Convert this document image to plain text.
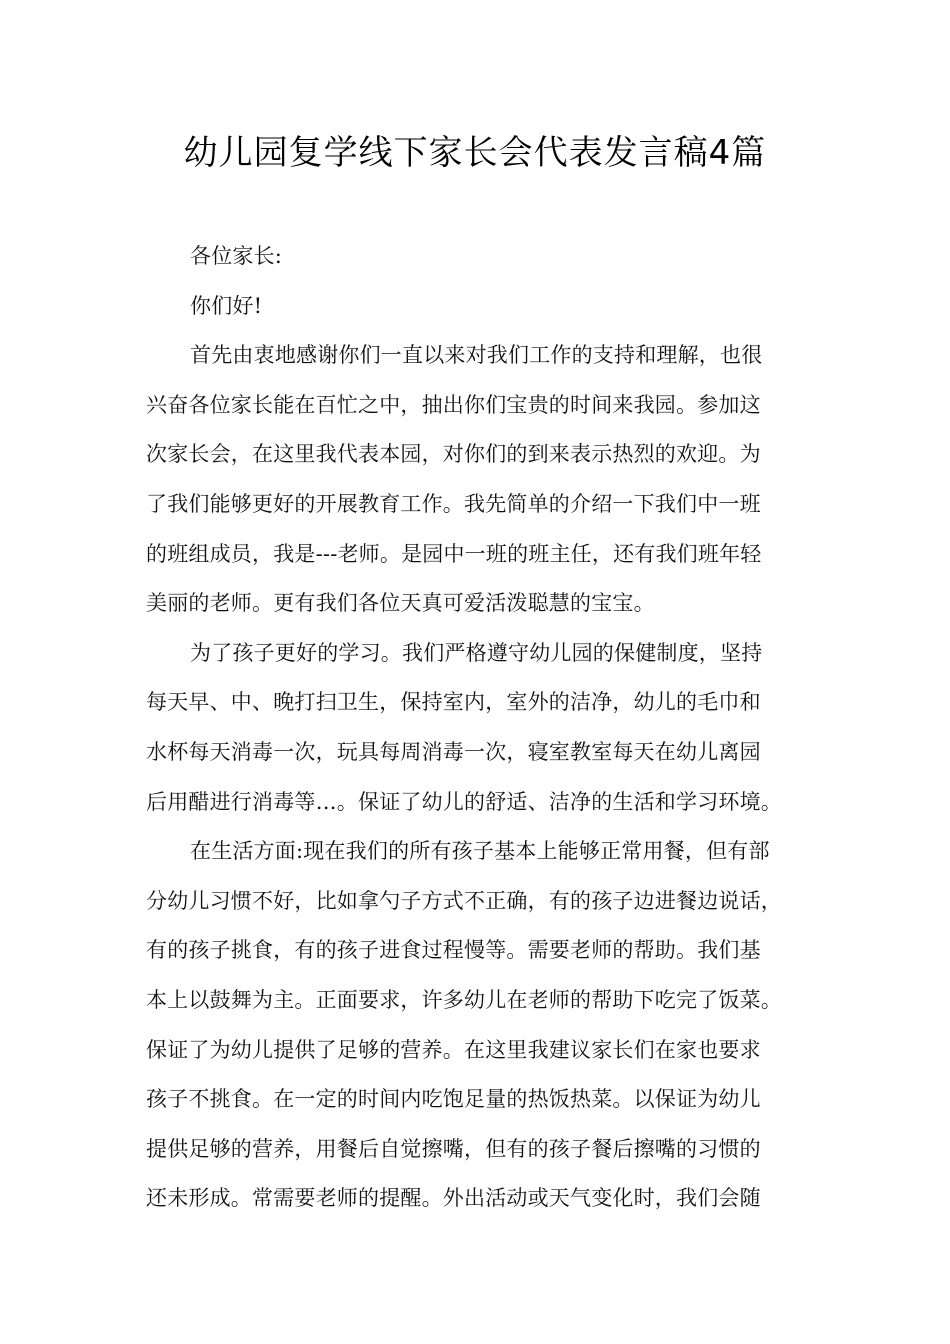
幼儿园复学线下家长会代表发言稿4篇
各位家长:
你们好!
首先由衷地感谢你们一直以来对我们工作的支持和理解，也很
兴奋各位家长能在百忙之中，抽出你们宝贵的时间来我园。参加这
次家长会，在这里我代表本园，对你们的到来表示热烈的欢迎。为
了我们能够更好的开展教育工作。我先简单的介绍一下我们中一班
的班组成员，我是---老师。是园中一班的班主任，还有我们班年轻
美丽的老师。更有我们各位天真可爱活泼聪慧的宝宝。
为了孩子更好的学习。我们严格遵守幼儿园的保健制度，坚持
每天早、中、晚打扫卫生，保持室内，室外的洁净，幼儿的毛巾和
水杯每天消毒一次，玩具每周消毒一次，寝室教室每天在幼儿离园
后用醋进行消毒等…。保证了幼儿的舒适、洁净的生活和学习环境。
在生活方面:现在我们的所有孩子基本上能够正常用餐，但有部
分幼儿习惯不好，比如拿勺子方式不正确，有的孩子边进餐边说话，
有的孩子挑食，有的孩子进食过程慢等。需要老师的帮助。我们基
本上以鼓舞为主。正面要求，许多幼儿在老师的帮助下吃完了饭菜。
保证了为幼儿提供了足够的营养。在这里我建议家长们在家也要求
孩子不挑食。在一定的时间内吃饱足量的热饭热菜。以保证为幼儿
提供足够的营养，用餐后自觉擦嘴，但有的孩子餐后擦嘴的习惯的
还未形成。常需要老师的提醒。外出活动或天气变化时，我们会随
